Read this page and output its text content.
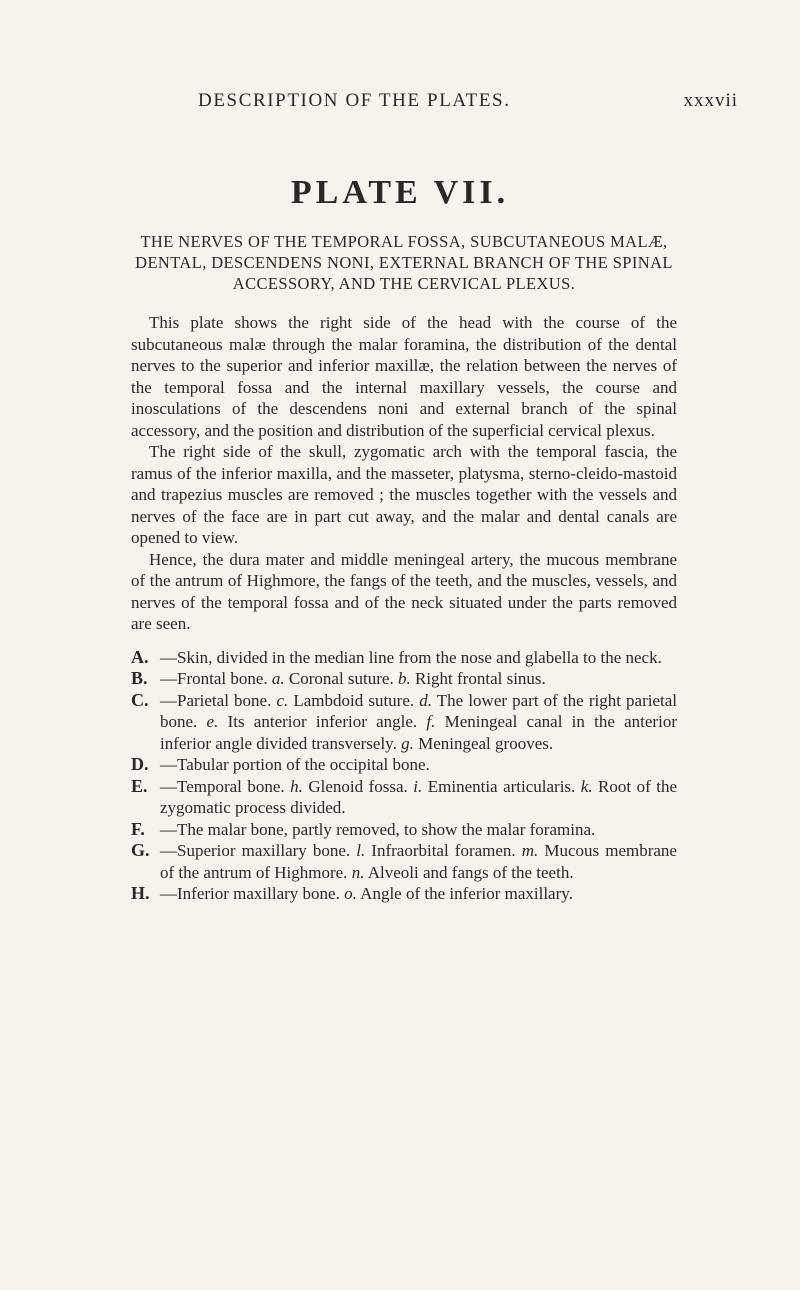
DESCRIPTION OF THE PLATES.	xxxvii
PLATE VII.
THE NERVES OF THE TEMPORAL FOSSA, SUBCUTANEOUS MALÆ, DENTAL, DESCENDENS NONI, EXTERNAL BRANCH OF THE SPINAL ACCESSORY, AND THE CERVICAL PLEXUS.

This plate shows the right side of the head with the course of the subcutaneous malæ through the malar foramina, the distribution of the dental nerves to the superior and inferior maxillæ, the relation between the nerves of the temporal fossa and the internal maxillary vessels, the course and inosculations of the descendens noni and external branch of the spinal accessory, and the position and distribution of the superficial cervical plexus.

The right side of the skull, zygomatic arch with the temporal fascia, the ramus of the inferior maxilla, and the masseter, platysma, sterno-cleido-mastoid and trapezius muscles are removed ; the muscles together with the vessels and nerves of the face are in part cut away, and the malar and dental canals are opened to view.

Hence, the dura mater and middle meningeal artery, the mucous membrane of the antrum of Highmore, the fangs of the teeth, and the muscles, vessels, and nerves of the temporal fossa and of the neck situated under the parts removed are seen.

A. —Skin, divided in the median line from the nose and glabella to the neck.
B. —Frontal bone. a. Coronal suture. b. Right frontal sinus.
C. —Parietal bone. c. Lambdoid suture. d. The lower part of the right parietal bone. e. Its anterior inferior angle. f. Meningeal canal in the anterior inferior angle divided transversely. g. Meningeal grooves.
D. —Tabular portion of the occipital bone.
E. —Temporal bone. h. Glenoid fossa. i. Eminentia articularis. k. Root of the zygomatic process divided.
F. —The malar bone, partly removed, to show the malar foramina.
G. —Superior maxillary bone. l. Infraorbital foramen. m. Mucous membrane of the antrum of Highmore. n. Alveoli and fangs of the teeth.
H. —Inferior maxillary bone. o. Angle of the inferior maxillary.
